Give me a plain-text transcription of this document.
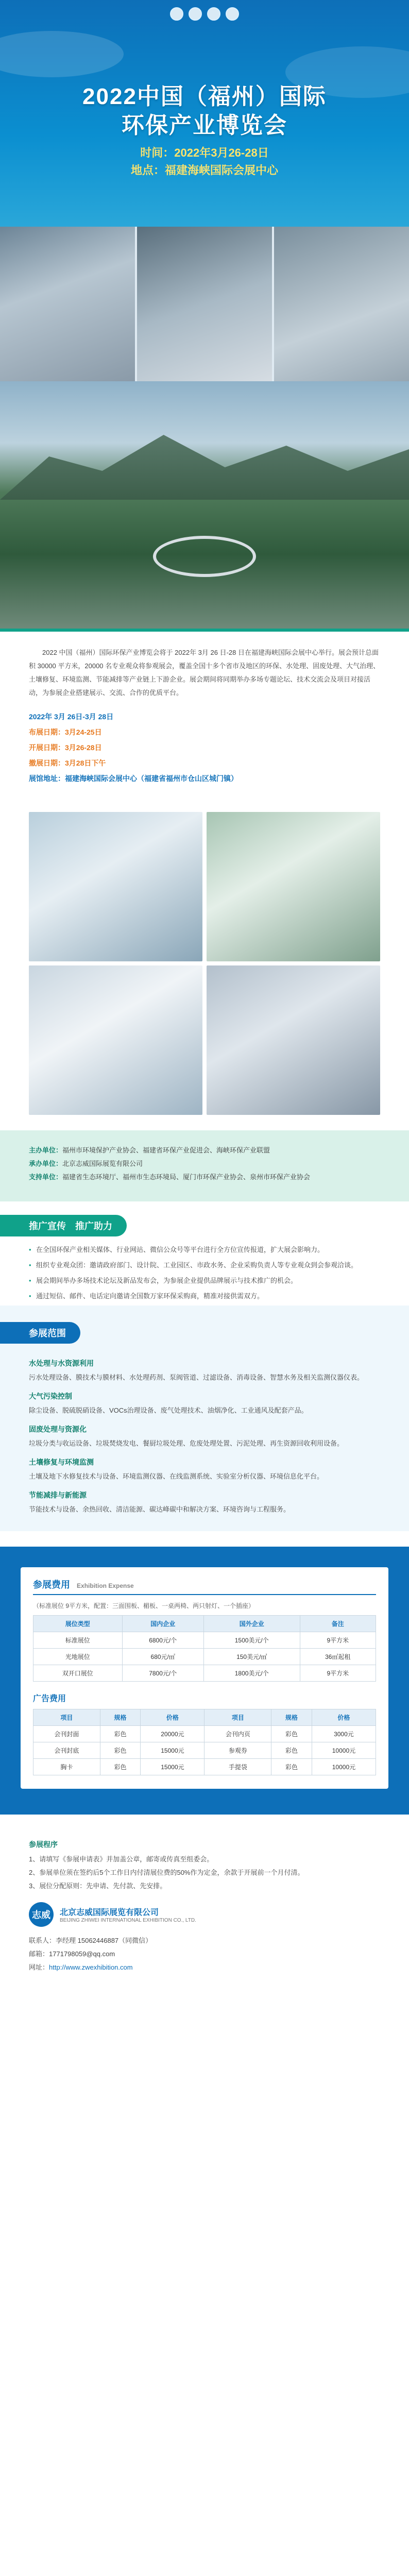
2022中国（福州）国际
环保产业博览会
时间：2022年3月26-28日
地点：福建海峡国际会展中心

2022 中国（福州）国际环保产业博览会将于 2022年 3月 26 日-28 日在福建海峡国际会展中心举行。展会预计总面积 30000 平方米，20000 名专业观众将参观展会，覆盖全国十多个省市及地区的环保、水处理、固废处理、大气治理、土壤修复、环境监测、节能减排等产业链上下游企业。展会期间将同期举办多场专题论坛、技术交流会及项目对接活动，为参展企业搭建展示、交流、合作的优质平台。

2022年 3月 26日-3月 28日
布展日期：3月24-25日
开展日期：3月26-28日
撤展日期：3月28日下午
展馆地址：福建海峡国际会展中心（福建省福州市仓山区城门镇）

主办单位：福州市环境保护产业协会、福建省环保产业促进会、海峡环保产业联盟

承办单位：北京志威国际展览有限公司

支持单位：福建省生态环境厅、福州市生态环境局、厦门市环保产业协会、泉州市环保产业协会

推广宣传　推广助力
• 在全国环保产业相关媒体、行业网站、微信公众号等平台进行全方位宣传报道，扩大展会影响力。
• 组织专业观众团：邀请政府部门、设计院、工业园区、市政水务、企业采购负责人等专业观众到会参观洽谈。
• 展会期间举办多场技术论坛及新品发布会，为参展企业提供品牌展示与技术推广的机会。
• 通过短信、邮件、电话定向邀请全国数万家环保采购商，精准对接供需双方。
参展范围
水处理与水资源利用

污水处理设备、膜技术与膜材料、水处理药剂、泵阀管道、过滤设备、消毒设备、智慧水务及相关监测仪器仪表。

大气污染控制

除尘设备、脱硫脱硝设备、VOCs治理设备、废气处理技术、油烟净化、工业通风及配套产品。

固废处理与资源化

垃圾分类与收运设备、垃圾焚烧发电、餐厨垃圾处理、危废处理处置、污泥处理、再生资源回收利用设备。

土壤修复与环境监测

土壤及地下水修复技术与设备、环境监测仪器、在线监测系统、实验室分析仪器、环境信息化平台。

节能减排与新能源

节能技术与设备、余热回收、清洁能源、碳达峰碳中和解决方案、环境咨询与工程服务。

参展费用 Exhibition Expense
（标准展位 9平方米，配置：三面围板、楣板、一桌两椅、两只射灯、一个插座）
展位类型	国内企业	国外企业	备注
标准展位	6800元/个	1500美元/个	9平方米
光地展位	680元/㎡	150美元/㎡	36㎡起租
双开口展位	7800元/个	1800美元/个	9平方米
广告费用
项目	规格	价格	项目	规格	价格
会刊封面	彩色	20000元	会刊内页	彩色	3000元
会刊封底	彩色	15000元	参观券	彩色	10000元
胸卡	彩色	15000元	手提袋	彩色	10000元
参展程序

1、请填写《参展申请表》并加盖公章，邮寄或传真至组委会。

2、参展单位须在签约后5个工作日内付清展位费的50%作为定金，余款于开展前一个月付清。

3、展位分配原则：先申请、先付款、先安排。

志威	北京志威国际展览有限公司
BEIJING ZHIWEI INTERNATIONAL EXHIBITION CO., LTD.

联系人：李经理 15062446887（同微信）

邮箱：1771798059@qq.com

网址：http://www.zwexhibition.com
